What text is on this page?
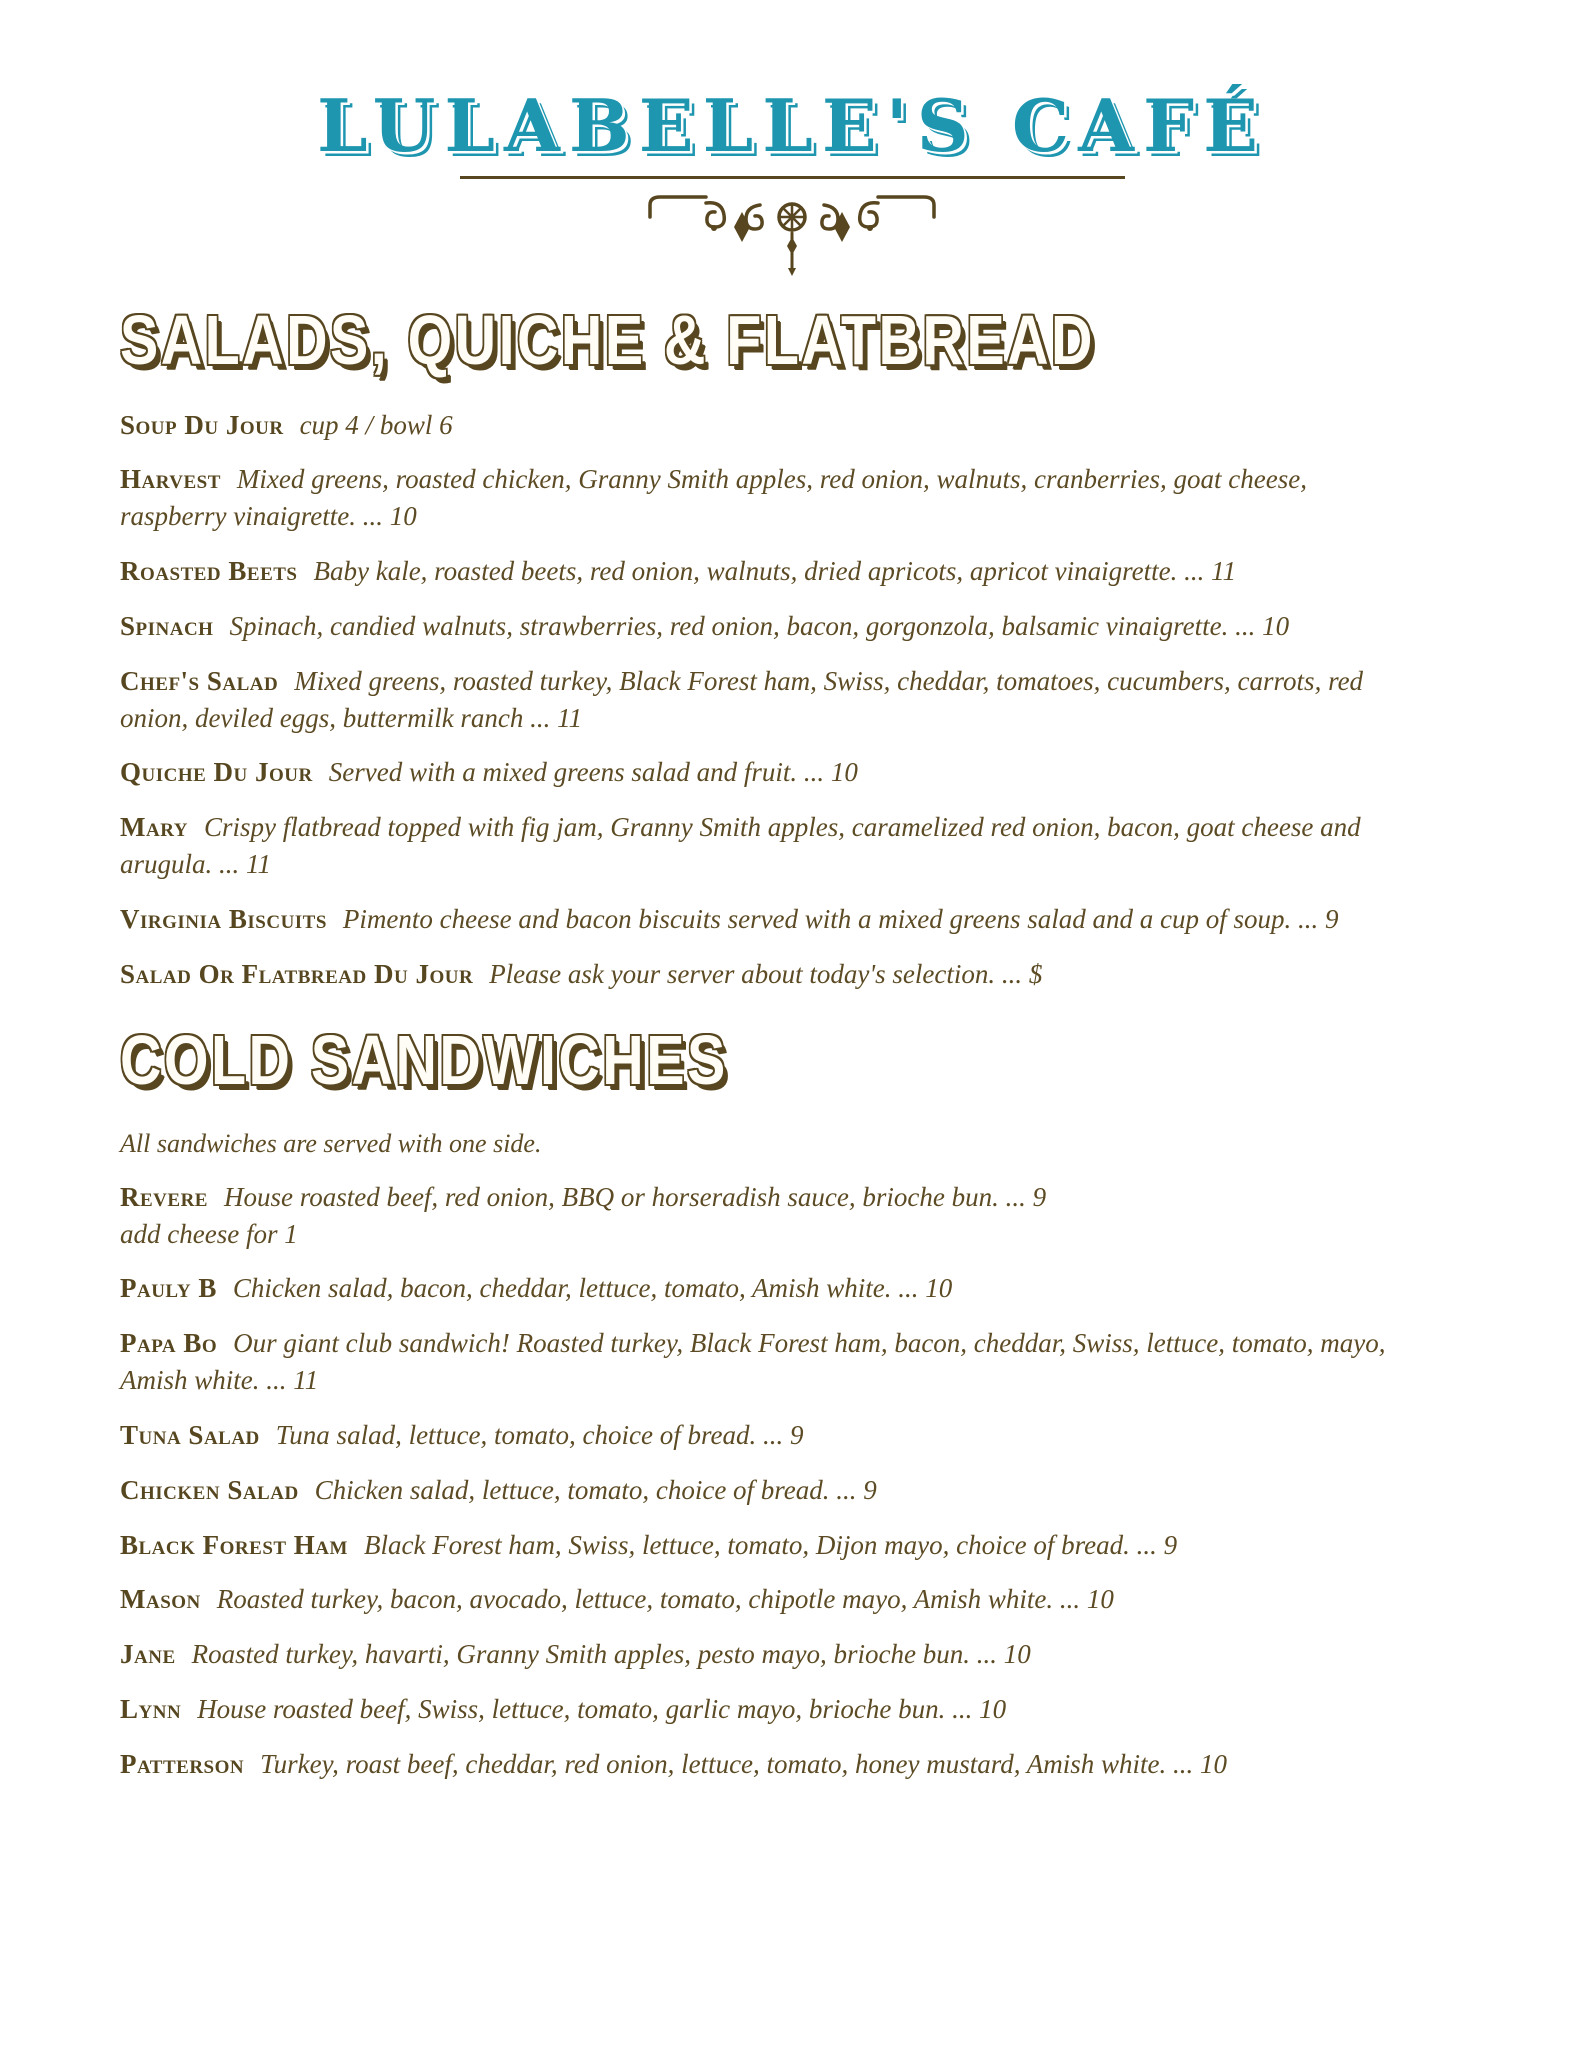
LULABELLE'S CAFÉ
SALADS, QUICHE & FLATBREAD
Soup Du Jour cup 4 / bowl 6
Harvest Mixed greens, roasted chicken, Granny Smith apples, red onion, walnuts, cranberries, goat cheese, raspberry vinaigrette. ... 10
Roasted Beets Baby kale, roasted beets, red onion, walnuts, dried apricots, apricot vinaigrette. ... 11
Spinach Spinach, candied walnuts, strawberries, red onion, bacon, gorgonzola, balsamic vinaigrette. ... 10
Chef's Salad Mixed greens, roasted turkey, Black Forest ham, Swiss, cheddar, tomatoes, cucumbers, carrots, red onion, deviled eggs, buttermilk ranch ... 11
Quiche Du Jour Served with a mixed greens salad and fruit. ... 10
Mary Crispy flatbread topped with fig jam, Granny Smith apples, caramelized red onion, bacon, goat cheese and arugula. ... 11
Virginia Biscuits Pimento cheese and bacon biscuits served with a mixed greens salad and a cup of soup. ... 9
Salad Or Flatbread Du Jour Please ask your server about today's selection. ... $
COLD SANDWICHES
All sandwiches are served with one side.
Revere House roasted beef, red onion, BBQ or horseradish sauce, brioche bun. ... 9
add cheese for 1
Pauly B Chicken salad, bacon, cheddar, lettuce, tomato, Amish white. ... 10
Papa Bo Our giant club sandwich! Roasted turkey, Black Forest ham, bacon, cheddar, Swiss, lettuce, tomato, mayo, Amish white. ... 11
Tuna Salad Tuna salad, lettuce, tomato, choice of bread. ... 9
Chicken Salad Chicken salad, lettuce, tomato, choice of bread. ... 9
Black Forest Ham Black Forest ham, Swiss, lettuce, tomato, Dijon mayo, choice of bread. ... 9
Mason Roasted turkey, bacon, avocado, lettuce, tomato, chipotle mayo, Amish white. ... 10
Jane Roasted turkey, havarti, Granny Smith apples, pesto mayo, brioche bun. ... 10
Lynn House roasted beef, Swiss, lettuce, tomato, garlic mayo, brioche bun. ... 10
Patterson Turkey, roast beef, cheddar, red onion, lettuce, tomato, honey mustard, Amish white. ... 10
